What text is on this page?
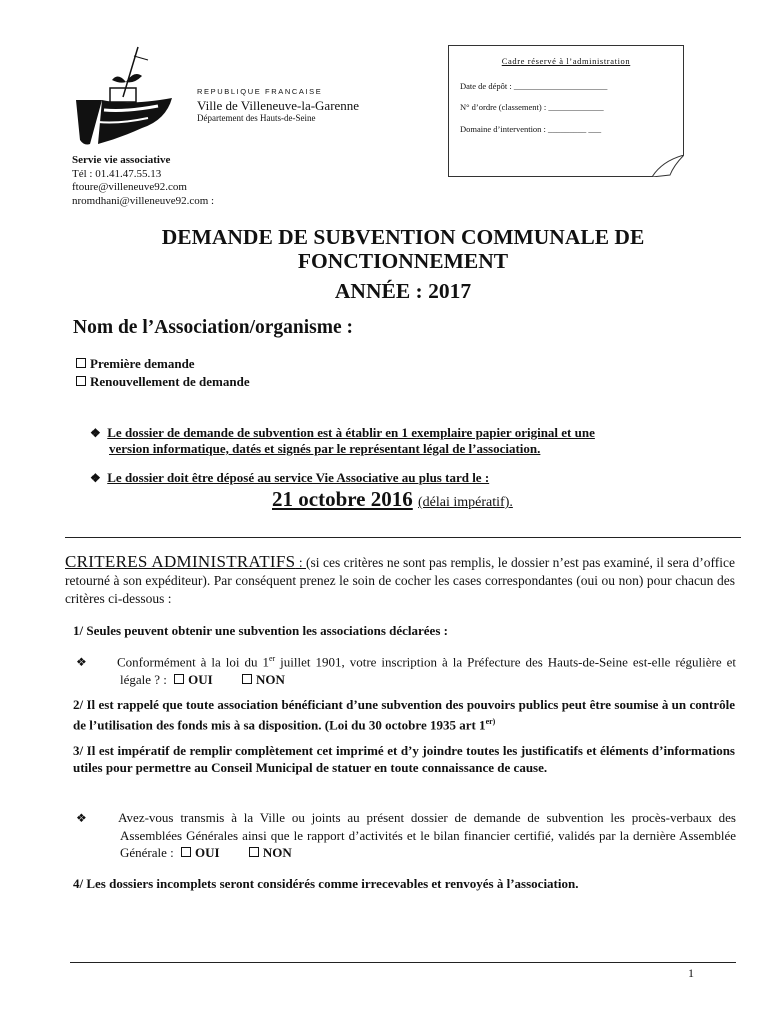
REPUBLIQUE FRANCAISE
Ville de Villeneuve-la-Garenne
Département des Hauts-de-Seine
Servie vie associative
Tél : 01.41.47.55.13
ftoure@villeneuve92.com
nromdhani@villeneuve92.com :
Cadre réservé à l’administration
Date de dépôt : ______________________
N° d’ordre (classement) : _____________
Domaine d’intervention : _________ ___
DEMANDE DE SUBVENTION COMMUNALE DE
FONCTIONNEMENT
ANNÉE : 2017
Nom de l’Association/organisme :
Première demande
Renouvellement de demande
❖ Le dossier de demande de subvention est à établir en 1 exemplaire papier original et une
version informatique, datés et signés par le représentant légal de l’association.
❖ Le dossier doit être déposé au service Vie Associative au plus tard le :
21 octobre 2016 (délai impératif).
CRITERES ADMINISTRATIFS : (si ces critères ne sont pas remplis, le dossier n’est pas examiné, il sera d’office retourné à son expéditeur). Par conséquent prenez le soin de cocher les cases correspondantes (oui ou non) pour chacun des critères ci-dessous :
1/ Seules peuvent obtenir une subvention les associations déclarées :
❖ Conformément à la loi du 1er juillet 1901, votre inscription à la Préfecture des Hauts-de-Seine est-elle régulière et légale ? : OUI	NON
2/ Il est rappelé que toute association bénéficiant d’une subvention des pouvoirs publics peut être soumise à un contrôle de l’utilisation des fonds mis à sa disposition. (Loi du 30 octobre 1935 art $1^{er)}$
3/ Il est impératif de remplir complètement cet imprimé et d’y joindre toutes les justificatifs et éléments d’informations utiles pour permettre au Conseil Municipal de statuer en toute connaissance de cause.
❖ Avez-vous transmis à la Ville ou joints au présent dossier de demande de subvention les procès-verbaux des Assemblées Générales ainsi que le rapport d’activités et le bilan financier certifié, validés par la dernière Assemblée Générale : OUI	NON
4/ Les dossiers incomplets seront considérés comme irrecevables et renvoyés à l’association.
1
